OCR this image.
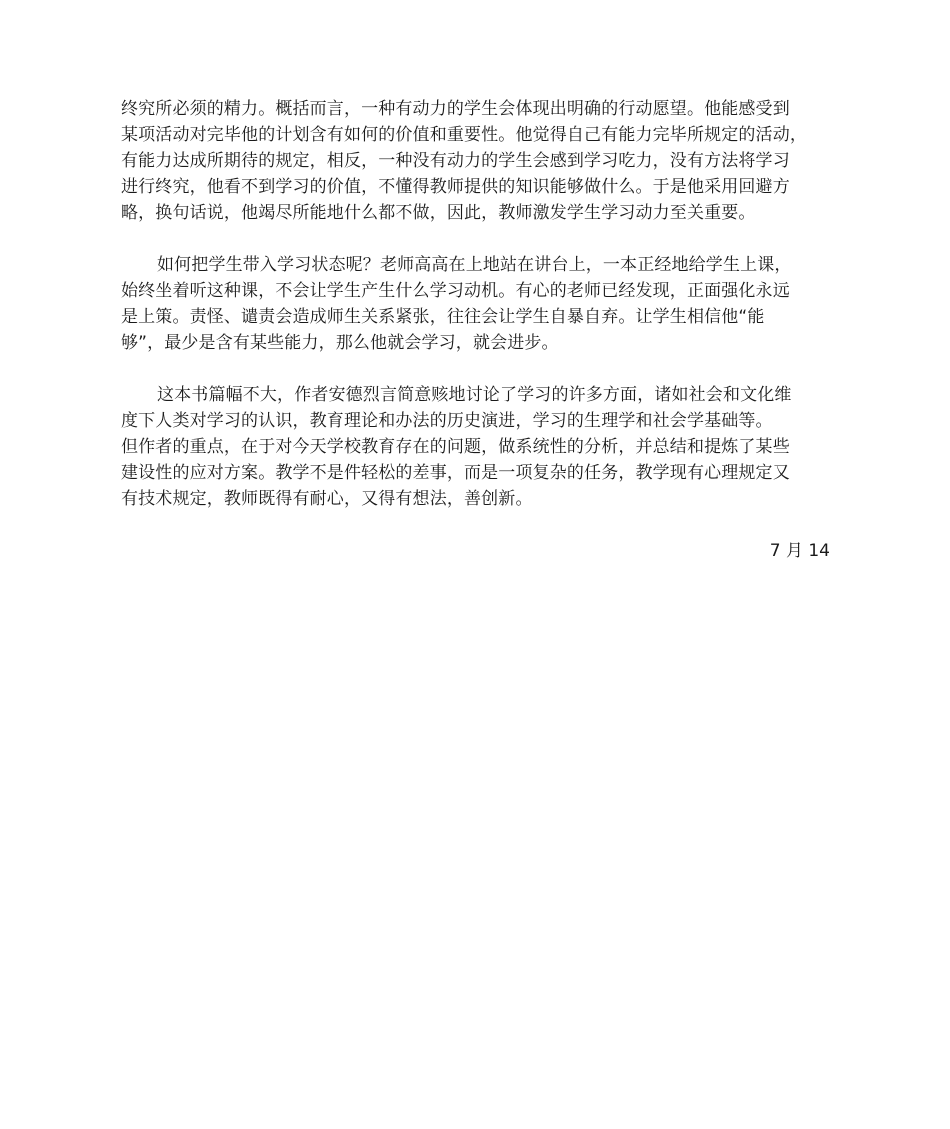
终究所必须的精力。概括而言，一种有动力的学生会体现出明确的行动愿望。他能感受到
某项活动对完毕他的计划含有如何的价值和重要性。他觉得自己有能力完毕所规定的活动，
有能力达成所期待的规定，相反，一种没有动力的学生会感到学习吃力，没有方法将学习
进行终究，他看不到学习的价值，不懂得教师提供的知识能够做什么。于是他采用回避方
略，换句话说，他竭尽所能地什么都不做，因此，教师激发学生学习动力至关重要。
如何把学生带入学习状态呢？老师高高在上地站在讲台上，一本正经地给学生上课，
始终坐着听这种课，不会让学生产生什么学习动机。有心的老师已经发现，正面强化永远
是上策。责怪、谴责会造成师生关系紧张，往往会让学生自暴自弃。让学生相信他“能
够”，最少是含有某些能力，那么他就会学习，就会进步。
这本书篇幅不大，作者安德烈言简意赅地讨论了学习的许多方面，诸如社会和文化维
度下人类对学习的认识，教育理论和办法的历史演进，学习的生理学和社会学基础等。
但作者的重点，在于对今天学校教育存在的问题，做系统性的分析，并总结和提炼了某些
建设性的应对方案。教学不是件轻松的差事，而是一项复杂的任务，教学现有心理规定又
有技术规定，教师既得有耐心，又得有想法，善创新。
7 月 14
